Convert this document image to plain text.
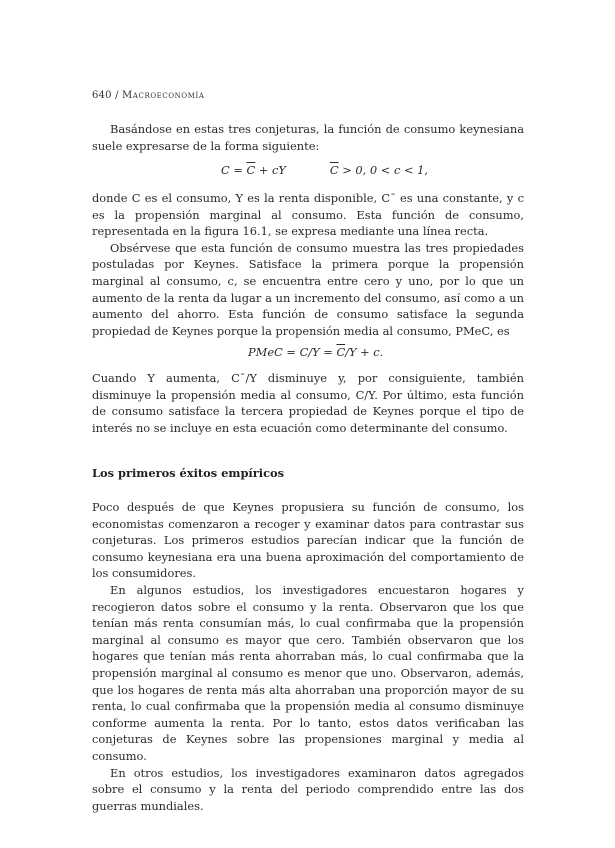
640 / Macroeconomía

Basándose en estas tres conjeturas, la función de consumo keynesiana suele expresarse de la forma siguiente:

$C = \overline{C}$ + cY	$\overline{C} > 0$, 0 < c < 1,

donde C es el consumo, Y es la renta disponible, C¯ es una constante, y c es la propensión marginal al consumo. Esta función de consumo, representada en la figura 16.1, se expresa mediante una línea recta.

Obsérvese que esta función de consumo muestra las tres propiedades postuladas por Keynes. Satisface la primera porque la propensión marginal al consumo, c, se encuentra entre cero y uno, por lo que un aumento de la renta da lugar a un incremento del consumo, así como a un aumento del ahorro. Esta función de consumo satisface la segunda propiedad de Keynes porque la propensión media al consumo, PMeC, es

PMeC = $C/Y = \overline{C}/Y + c$.

Cuando Y aumenta, C¯/Y disminuye y, por consiguiente, también disminuye la propensión media al consumo, C/Y. Por último, esta función de consumo satisface la tercera propiedad de Keynes porque el tipo de interés no se incluye en esta ecuación como determinante del consumo.

Los primeros éxitos empíricos

Poco después de que Keynes propusiera su función de consumo, los economistas comenzaron a recoger y examinar datos para contrastar sus conjeturas. Los primeros estudios parecían indicar que la función de consumo keynesiana era una buena aproximación del comportamiento de los consumidores.

En algunos estudios, los investigadores encuestaron hogares y recogieron datos sobre el consumo y la renta. Observaron que los que tenían más renta consumían más, lo cual confirmaba que la propensión marginal al consumo es mayor que cero. También observaron que los hogares que tenían más renta ahorraban más, lo cual confirmaba que la propensión marginal al consumo es menor que uno. Observaron, además, que los hogares de renta más alta ahorraban una proporción mayor de su renta, lo cual confirmaba que la propensión media al consumo disminuye conforme aumenta la renta. Por lo tanto, estos datos verificaban las conjeturas de Keynes sobre las propensiones marginal y media al consumo.

En otros estudios, los investigadores examinaron datos agregados sobre el consumo y la renta del periodo comprendido entre las dos guerras mundiales.
